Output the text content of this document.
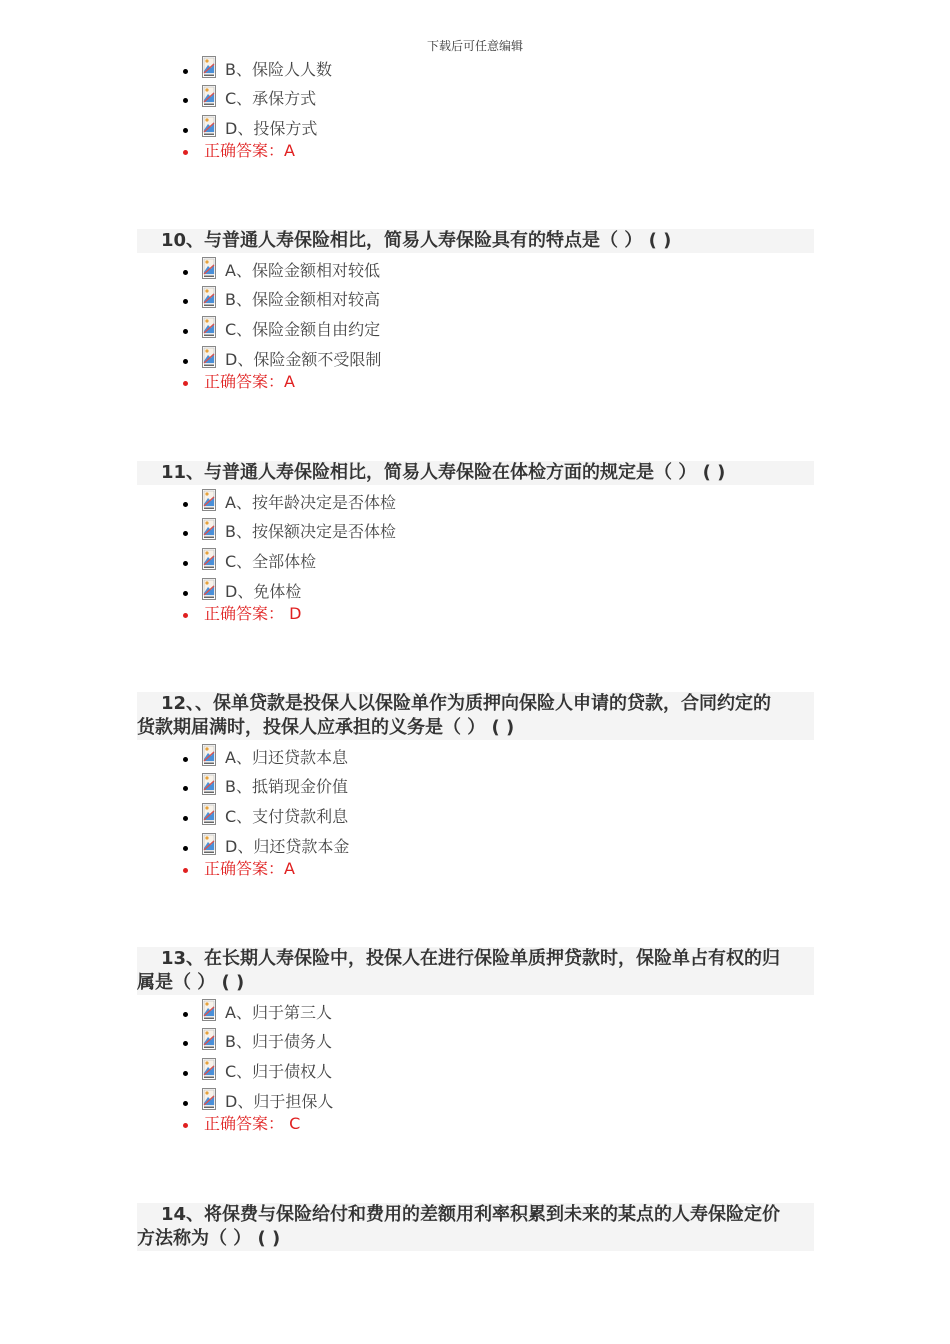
下载后可任意编辑
B、保险人人数
C、承保方式
D、投保方式
正确答案：A
10、与普通人寿保险相比，简易人寿保险具有的特点是（ ） ( )
A、保险金额相对较低
B、保险金额相对较高
C、保险金额自由约定
D、保险金额不受限制
正确答案：A
11、与普通人寿保险相比，简易人寿保险在体检方面的规定是（ ） ( )
A、按年龄决定是否体检
B、按保额决定是否体检
C、全部体检
D、免体检
正确答案： D
12、、保单贷款是投保人以保险单作为质押向保险人申请的贷款，合同约定的
货款期届满时，投保人应承担的义务是（ ） ( )
A、归还贷款本息
B、抵销现金价值
C、支付贷款利息
D、归还贷款本金
正确答案：A
13、在长期人寿保险中，投保人在进行保险单质押贷款时，保险单占有权的归
属是（ ） ( )
A、归于第三人
B、归于债务人
C、归于债权人
D、归于担保人
正确答案： C
14、将保费与保险给付和费用的差额用利率积累到未来的某点的人寿保险定价
方法称为（ ） ( )
